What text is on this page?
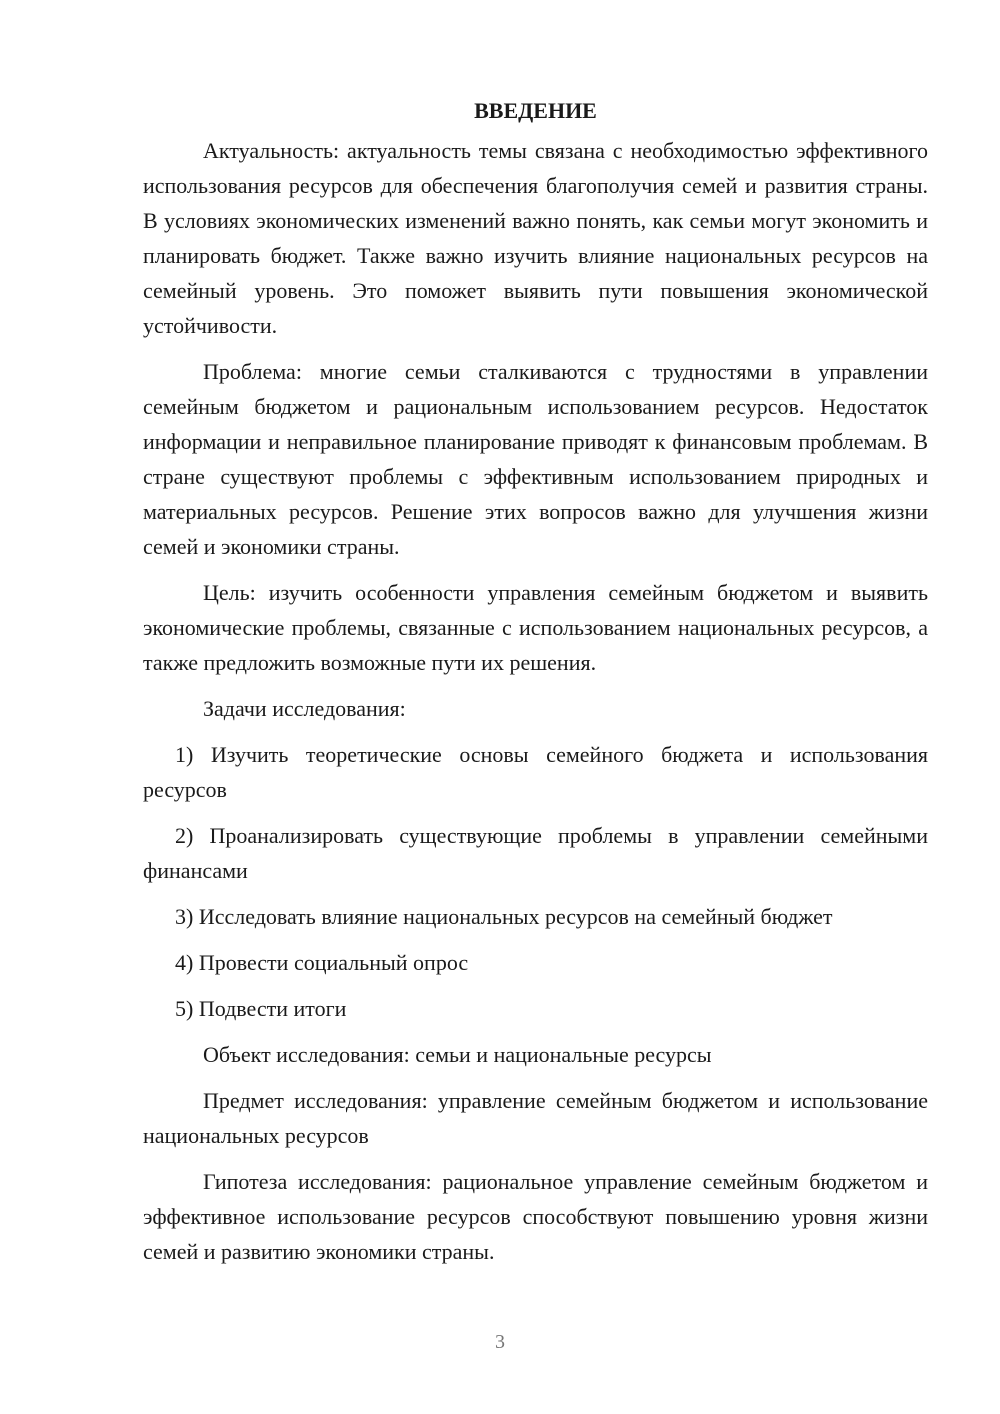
ВВЕДЕНИЕ

Актуальность: актуальность темы связана с необходимостью эффективного использования ресурсов для обеспечения благополучия семей и развития страны. В условиях экономических изменений важно понять, как семьи могут экономить и планировать бюджет. Также важно изучить влияние национальных ресурсов на семейный уровень. Это поможет выявить пути повышения экономической устойчивости.

Проблема: многие семьи сталкиваются с трудностями в управлении семейным бюджетом и рациональным использованием ресурсов. Недостаток информации и неправильное планирование приводят к финансовым проблемам. В стране существуют проблемы с эффективным использованием природных и материальных ресурсов. Решение этих вопросов важно для улучшения жизни семей и экономики страны.

Цель: изучить особенности управления семейным бюджетом и выявить экономические проблемы, связанные с использованием национальных ресурсов, а также предложить возможные пути их решения.

Задачи исследования:

1) Изучить теоретические основы семейного бюджета и использования ресурсов

2) Проанализировать существующие проблемы в управлении семейными финансами

3) Исследовать влияние национальных ресурсов на семейный бюджет

4) Провести социальный опрос

5) Подвести итоги

Объект исследования: семьи и национальные ресурсы

Предмет исследования: управление семейным бюджетом и использование национальных ресурсов

Гипотеза исследования: рациональное управление семейным бюджетом и эффективное использование ресурсов способствуют повышению уровня жизни семей и развитию экономики страны.

3
